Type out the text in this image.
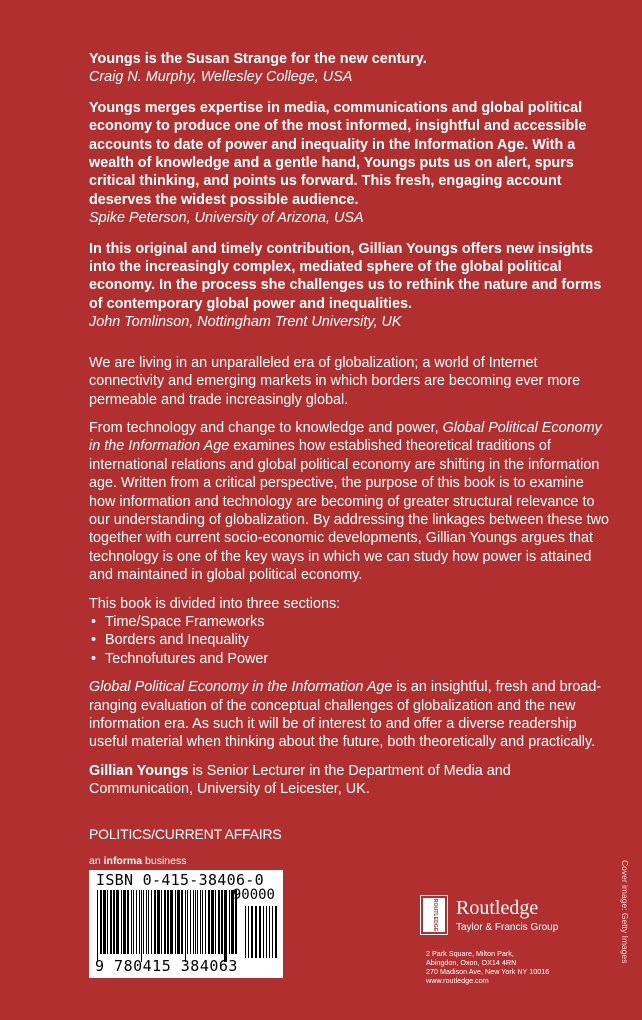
Youngs is the Susan Strange for the new century.
Craig N. Murphy, Wellesley College, USA
Youngs merges expertise in media, communications and global political economy to produce one of the most informed, insightful and accessible accounts to date of power and inequality in the Information Age. With a wealth of knowledge and a gentle hand, Youngs puts us on alert, spurs critical thinking, and points us forward. This fresh, engaging account deserves the widest possible audience.
Spike Peterson, University of Arizona, USA
In this original and timely contribution, Gillian Youngs offers new insights into the increasingly complex, mediated sphere of the global political economy. In the process she challenges us to rethink the nature and forms of contemporary global power and inequalities.
John Tomlinson, Nottingham Trent University, UK

We are living in an unparalleled era of globalization; a world of Internet connectivity and emerging markets in which borders are becoming ever more permeable and trade increasingly global.

From technology and change to knowledge and power, Global Political Economy in the Information Age examines how established theoretical traditions of international relations and global political economy are shifting in the information age. Written from a critical perspective, the purpose of this book is to examine how information and technology are becoming of greater structural relevance to our understanding of globalization. By addressing the linkages between these two together with current socio-economic developments, Gillian Youngs argues that technology is one of the key ways in which we can study how power is attained and maintained in global political economy.

This book is divided into three sections:

• Time/Space Frameworks
• Borders and Inequality
• Technofutures and Power

Global Political Economy in the Information Age is an insightful, fresh and broad-ranging evaluation of the conceptual challenges of globalization and the new information era. As such it will be of interest to and offer a diverse readership useful material when thinking about the future, both theoretically and practically.

Gillian Youngs is Senior Lecturer in the Department of Media and Communication, University of Leicester, UK.

POLITICS/CURRENT AFFAIRS
an informa business
ISBN 0-415-38406-0
90000
9 780415 384063
ROUTLEDGE Routledge
Taylor & Francis Group
2 Park Square, Milton Park,
Abingdon, Oxon, OX14 4RN
270 Madison Ave, New York NY 10016
www.routledge.com
Cover image: Getty Images
